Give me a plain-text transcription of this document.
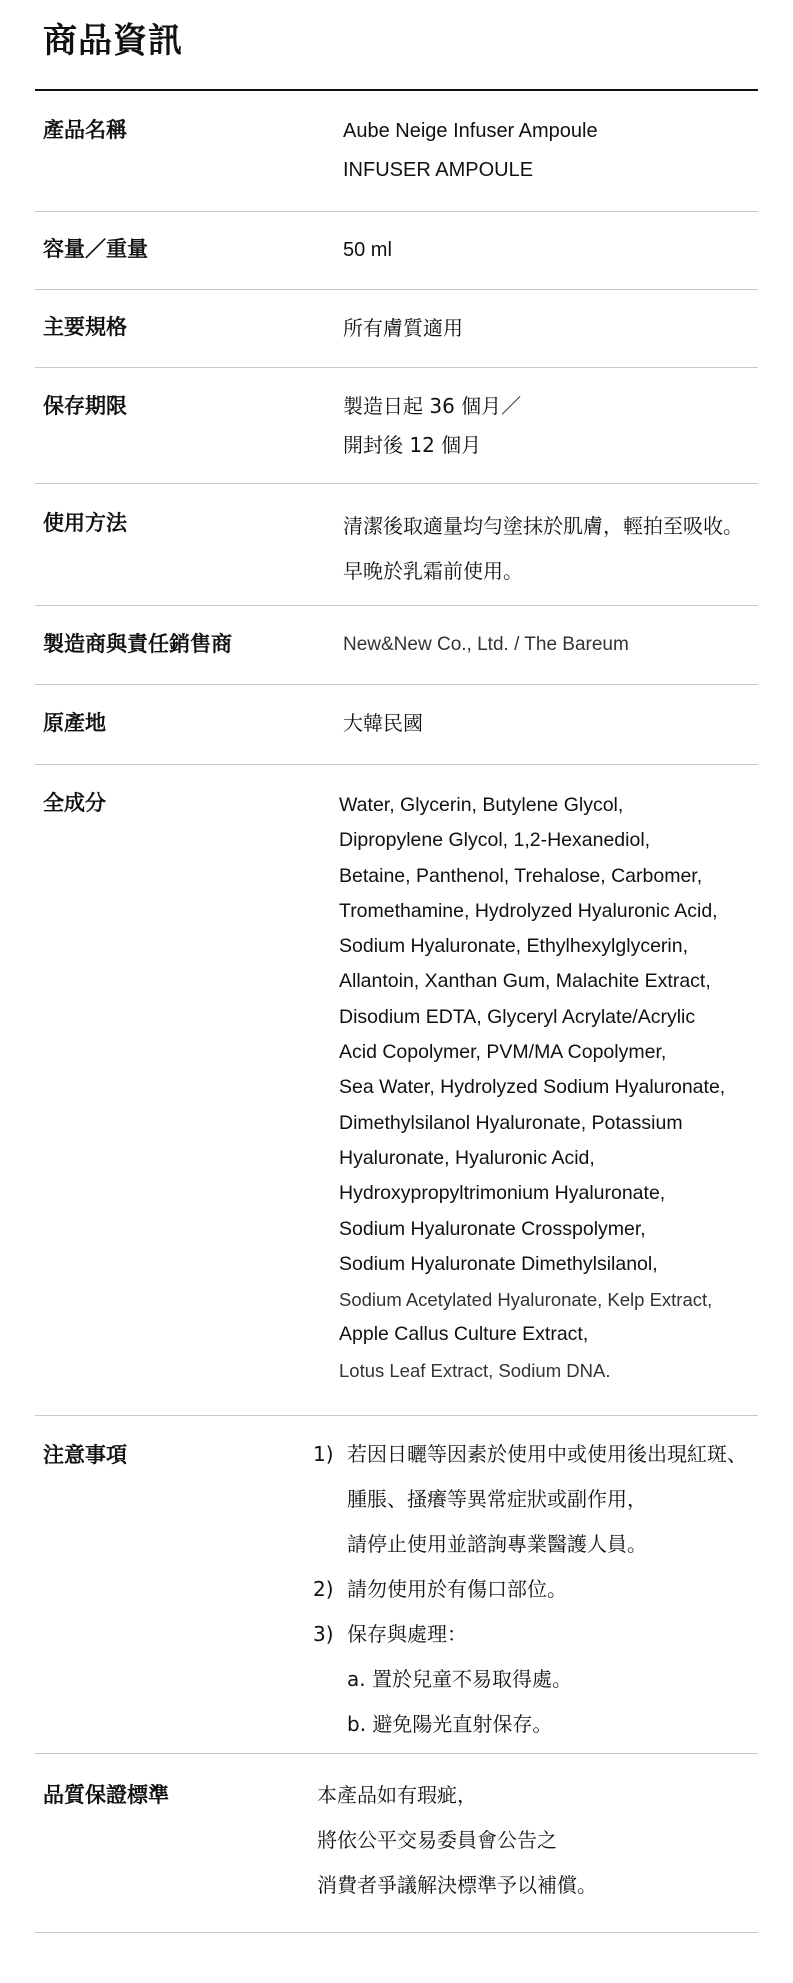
商品資訊
產品名稱	Aube Neige Infuser Ampoule
INFUSER AMPOULE
容量／重量	50 ml
主要規格	所有膚質適用
保存期限	製造日起 36 個月／
開封後 12 個月
使用方法	清潔後取適量均勻塗抹於肌膚，輕拍至吸收。
早晚於乳霜前使用。
製造商與責任銷售商	New&New Co., Ltd. / The Bareum
原產地	大韓民國
全成分	Water, Glycerin, Butylene Glycol,
Dipropylene Glycol, 1,2-Hexanediol,
Betaine, Panthenol, Trehalose, Carbomer,
Tromethamine, Hydrolyzed Hyaluronic Acid,
Sodium Hyaluronate, Ethylhexylglycerin,
Allantoin, Xanthan Gum, Malachite Extract,
Disodium EDTA, Glyceryl Acrylate/Acrylic
Acid Copolymer, PVM/MA Copolymer,
Sea Water, Hydrolyzed Sodium Hyaluronate,
Dimethylsilanol Hyaluronate, Potassium
Hyaluronate, Hyaluronic Acid,
Hydroxypropyltrimonium Hyaluronate,
Sodium Hyaluronate Crosspolymer,
Sodium Hyaluronate Dimethylsilanol,
Sodium Acetylated Hyaluronate, Kelp Extract,
Apple Callus Culture Extract,
Lotus Leaf Extract, Sodium DNA.
注意事項	1) 若因日曬等因素於使用中或使用後出現紅斑、
腫脹、搔癢等異常症狀或副作用，
請停止使用並諮詢專業醫護人員。
2) 請勿使用於有傷口部位。
3) 保存與處理：
a. 置於兒童不易取得處。
b. 避免陽光直射保存。
品質保證標準	本產品如有瑕疵，
將依公平交易委員會公告之
消費者爭議解決標準予以補償。
